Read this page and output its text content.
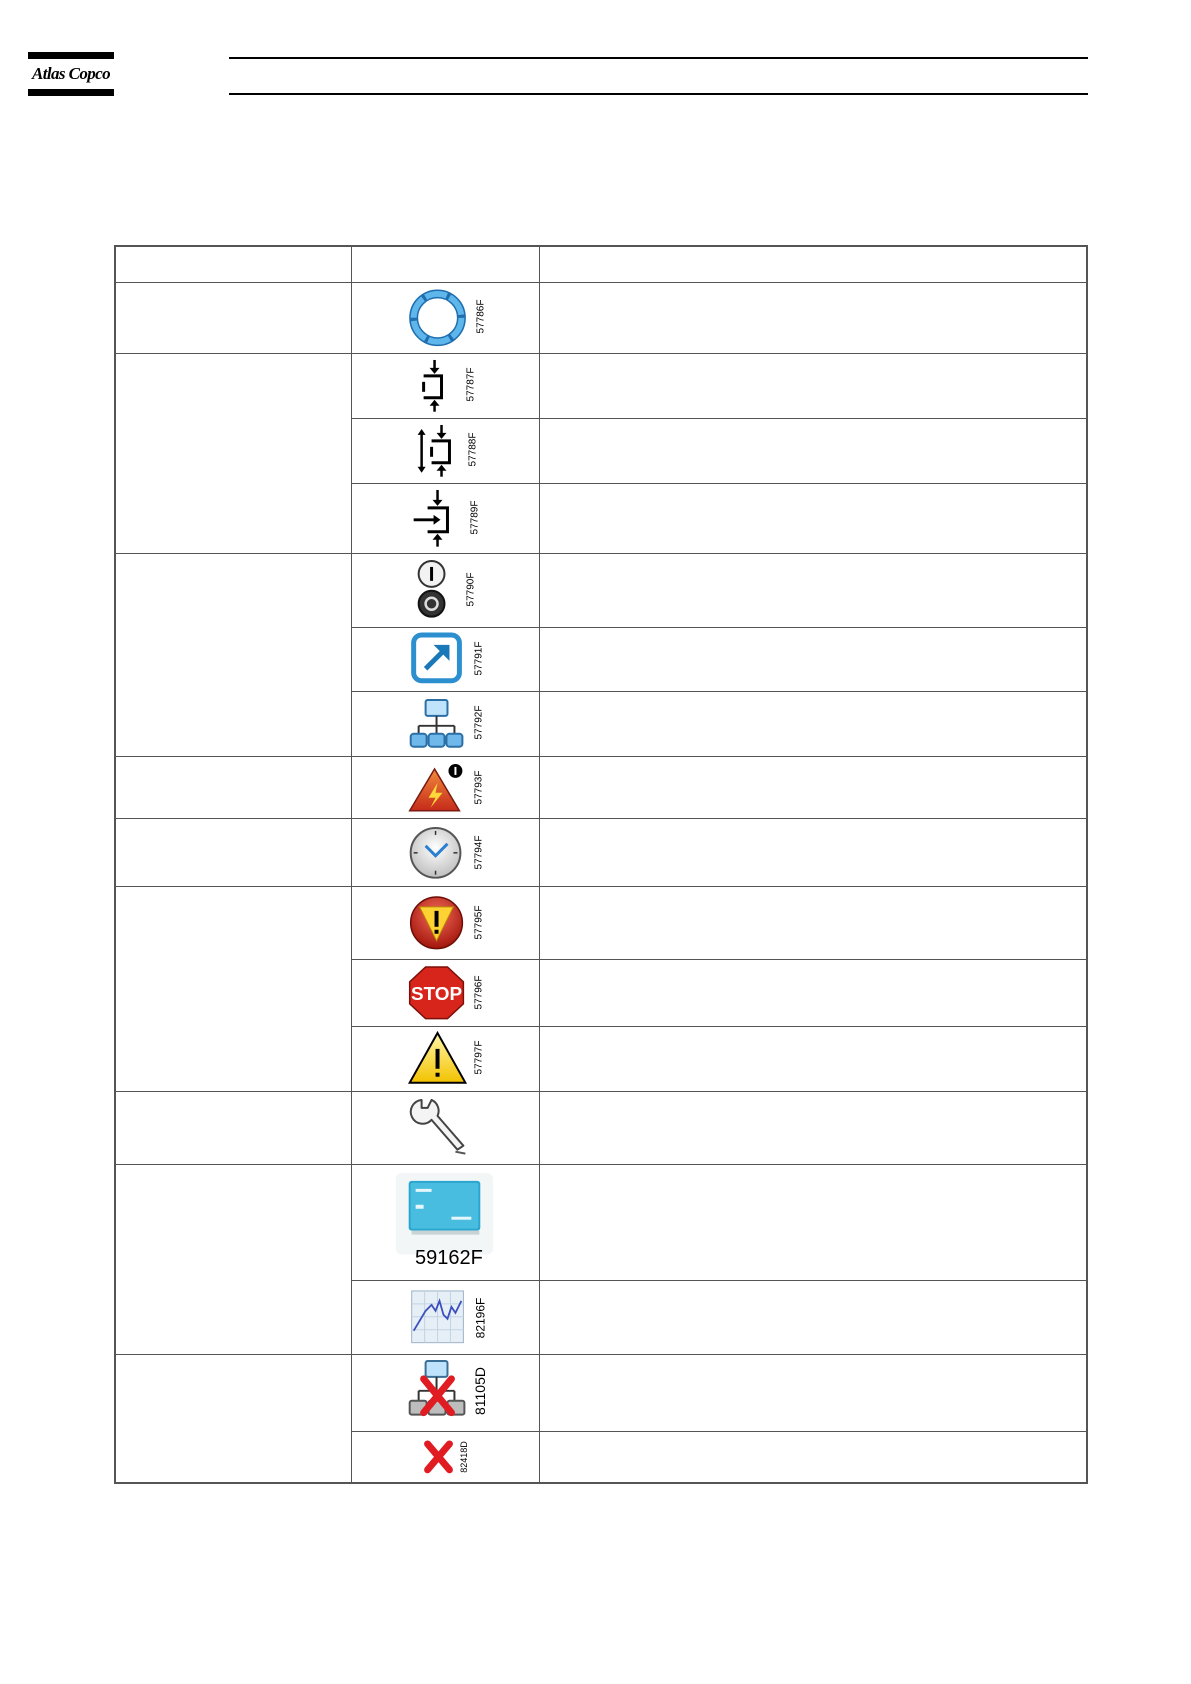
Atlas Copco
57786F
57787F
57788F
57789F
57790F
57791F
57792F
57793F
57794F
57795F
STOP 57796F
57797F
59162F
82196F
81105D
82418D
